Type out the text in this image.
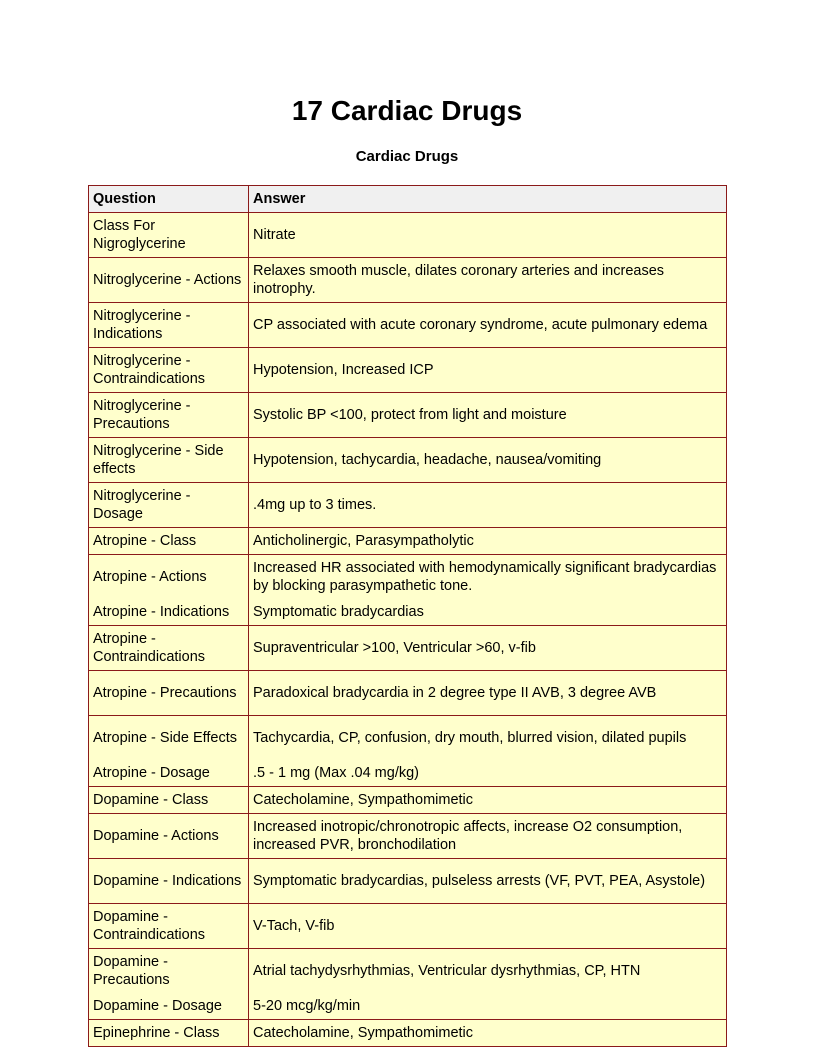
17 Cardiac Drugs
Cardiac Drugs
Question	Answer
Class For Nigroglycerine	Nitrate
Nitroglycerine - Actions	Relaxes smooth muscle, dilates coronary arteries and increases inotrophy.
Nitroglycerine - Indications	CP associated with acute coronary syndrome, acute pulmonary edema
Nitroglycerine - Contraindications	Hypotension, Increased ICP
Nitroglycerine - Precautions	Systolic BP <100, protect from light and moisture
Nitroglycerine - Side effects	Hypotension, tachycardia, headache, nausea/vomiting
Nitroglycerine - Dosage	.4mg up to 3 times.
Atropine - Class	Anticholinergic, Parasympatholytic
Atropine - Actions	Increased HR associated with hemodynamically significant bradycardias by blocking parasympathetic tone.
Atropine - Indications	Symptomatic bradycardias
Atropine - Contraindications	Supraventricular >100, Ventricular >60, v-fib
Atropine - Precautions	Paradoxical bradycardia in 2 degree type II AVB, 3 degree AVB
Atropine - Side Effects	Tachycardia, CP, confusion, dry mouth, blurred vision, dilated pupils
Atropine - Dosage	.5 - 1 mg (Max .04 mg/kg)
Dopamine - Class	Catecholamine, Sympathomimetic
Dopamine - Actions	Increased inotropic/chronotropic affects, increase O2 consumption, increased PVR, bronchodilation
Dopamine - Indications	Symptomatic bradycardias, pulseless arrests (VF, PVT, PEA, Asystole)
Dopamine - Contraindications	V-Tach, V-fib
Dopamine - Precautions	Atrial tachydysrhythmias, Ventricular dysrhythmias, CP, HTN
Dopamine - Dosage	5-20 mcg/kg/min
Epinephrine - Class	Catecholamine, Sympathomimetic
